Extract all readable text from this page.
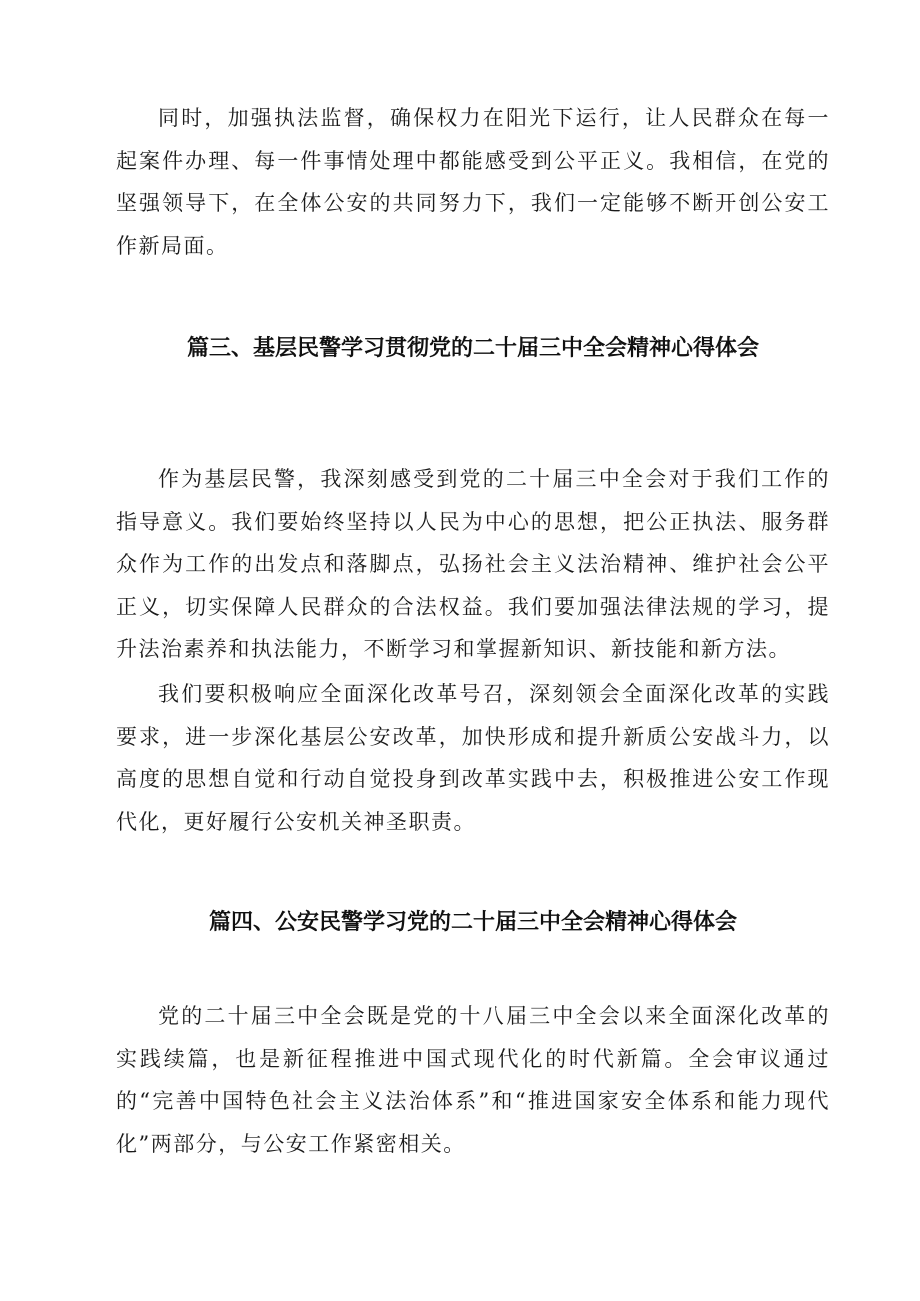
同时，加强执法监督，确保权力在阳光下运行，让人民群众在每一起案件办理、每一件事情处理中都能感受到公平正义。我相信，在党的坚强领导下，在全体公安的共同努力下，我们一定能够不断开创公安工作新局面。

篇三、基层民警学习贯彻党的二十届三中全会精神心得体会

作为基层民警，我深刻感受到党的二十届三中全会对于我们工作的指导意义。我们要始终坚持以人民为中心的思想，把公正执法、服务群众作为工作的出发点和落脚点，弘扬社会主义法治精神、维护社会公平正义，切实保障人民群众的合法权益。我们要加强法律法规的学习，提升法治素养和执法能力，不断学习和掌握新知识、新技能和新方法。

我们要积极响应全面深化改革号召，深刻领会全面深化改革的实践要求，进一步深化基层公安改革，加快形成和提升新质公安战斗力，以高度的思想自觉和行动自觉投身到改革实践中去，积极推进公安工作现代化，更好履行公安机关神圣职责。

篇四、公安民警学习党的二十届三中全会精神心得体会

党的二十届三中全会既是党的十八届三中全会以来全面深化改革的实践续篇，也是新征程推进中国式现代化的时代新篇。全会审议通过的“完善中国特色社会主义法治体系”和“推进国家安全体系和能力现代化”两部分，与公安工作紧密相关。
